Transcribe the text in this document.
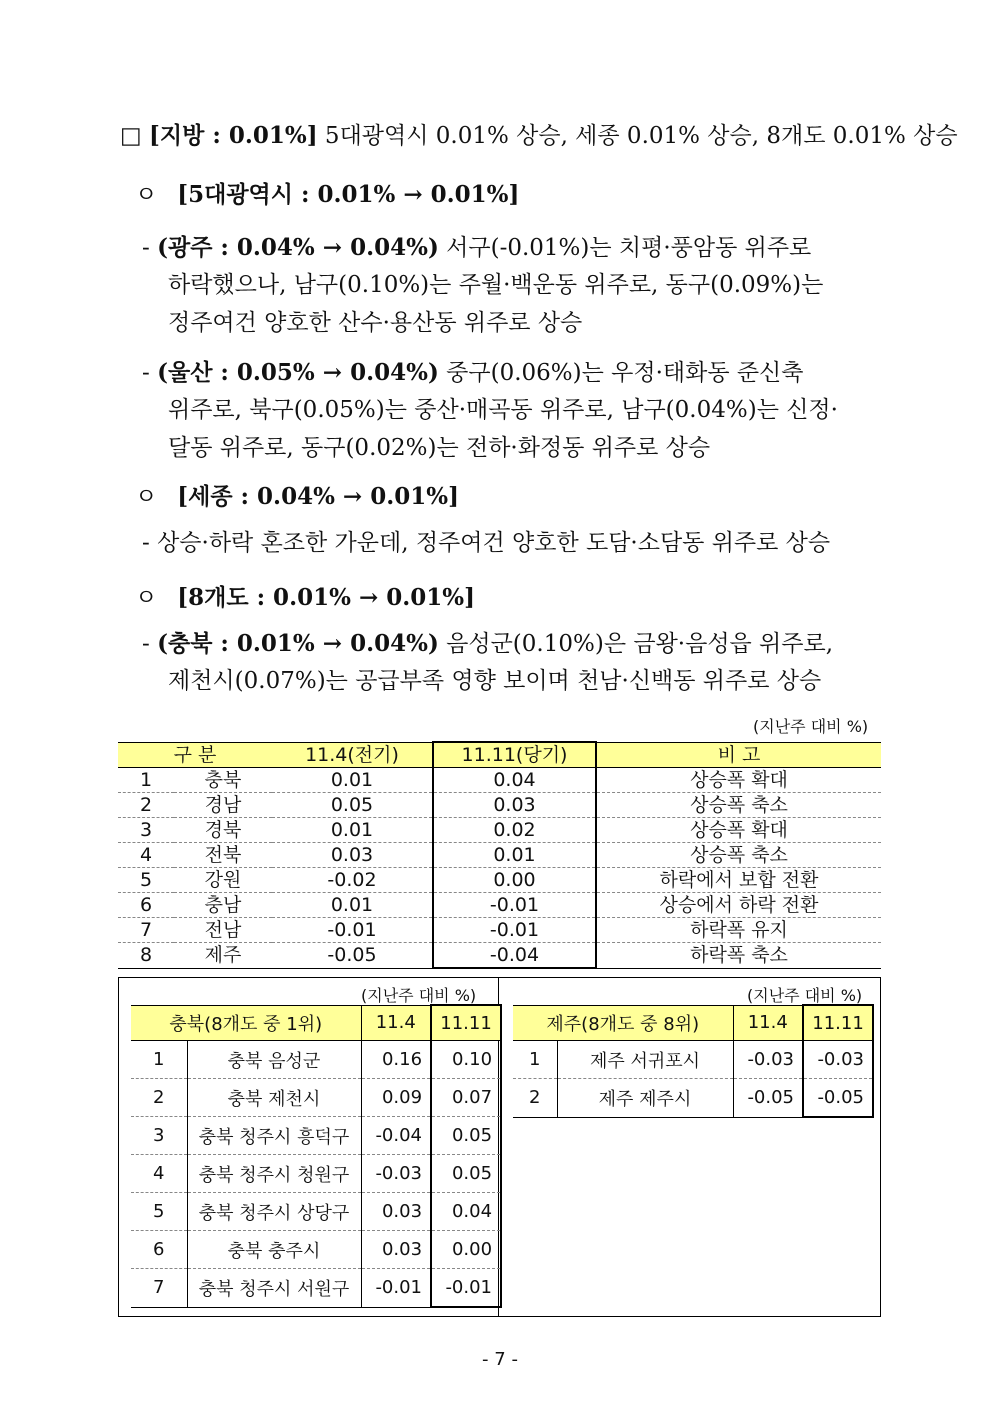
□ [지방 : 0.01%] 5대광역시 0.01% 상승, 세종 0.01% 상승, 8개도 0.01% 상승
ㅇ [5대광역시 : 0.01% → 0.01%]
- (광주 : 0.04% → 0.04%) 서구(-0.01%)는 치평·풍암동 위주로
하락했으나, 남구(0.10%)는 주월·백운동 위주로, 동구(0.09%)는
정주여건 양호한 산수·용산동 위주로 상승
- (울산 : 0.05% → 0.04%) 중구(0.06%)는 우정·태화동 준신축
위주로, 북구(0.05%)는 중산·매곡동 위주로, 남구(0.04%)는 신정·
달동 위주로, 동구(0.02%)는 전하·화정동 위주로 상승
ㅇ [세종 : 0.04% → 0.01%]
- 상승·하락 혼조한 가운데, 정주여건 양호한 도담·소담동 위주로 상승
ㅇ [8개도 : 0.01% → 0.01%]
- (충북 : 0.01% → 0.04%) 음성군(0.10%)은 금왕·음성읍 위주로,
제천시(0.07%)는 공급부족 영향 보이며 천남·신백동 위주로 상승
(지난주 대비 %)
구 분		11.4(전기)	11.11(당기)	비 고
1	충북	0.01	0.04	상승폭 확대
2	경남	0.05	0.03	상승폭 축소
3	경북	0.01	0.02	상승폭 확대
4	전북	0.03	0.01	상승폭 축소
5	강원	-0.02	0.00	하락에서 보합 전환
6	충남	0.01	-0.01	상승에서 하락 전환
7	전남	-0.01	-0.01	하락폭 유지
8	제주	-0.05	-0.04	하락폭 축소
(지난주 대비 %)
충북(8개도 중 1위)		11.4	11.11
1	충북 음성군	0.16	0.10
2	충북 제천시	0.09	0.07
3	충북 청주시 흥덕구	-0.04	0.05
4	충북 청주시 청원구	-0.03	0.05
5	충북 청주시 상당구	0.03	0.04
6	충북 충주시	0.03	0.00
7	충북 청주시 서원구	-0.01	-0.01
(지난주 대비 %)
제주(8개도 중 8위)		11.4	11.11
1	제주 서귀포시	-0.03	-0.03
2	제주 제주시	-0.05	-0.05
- 7 -
